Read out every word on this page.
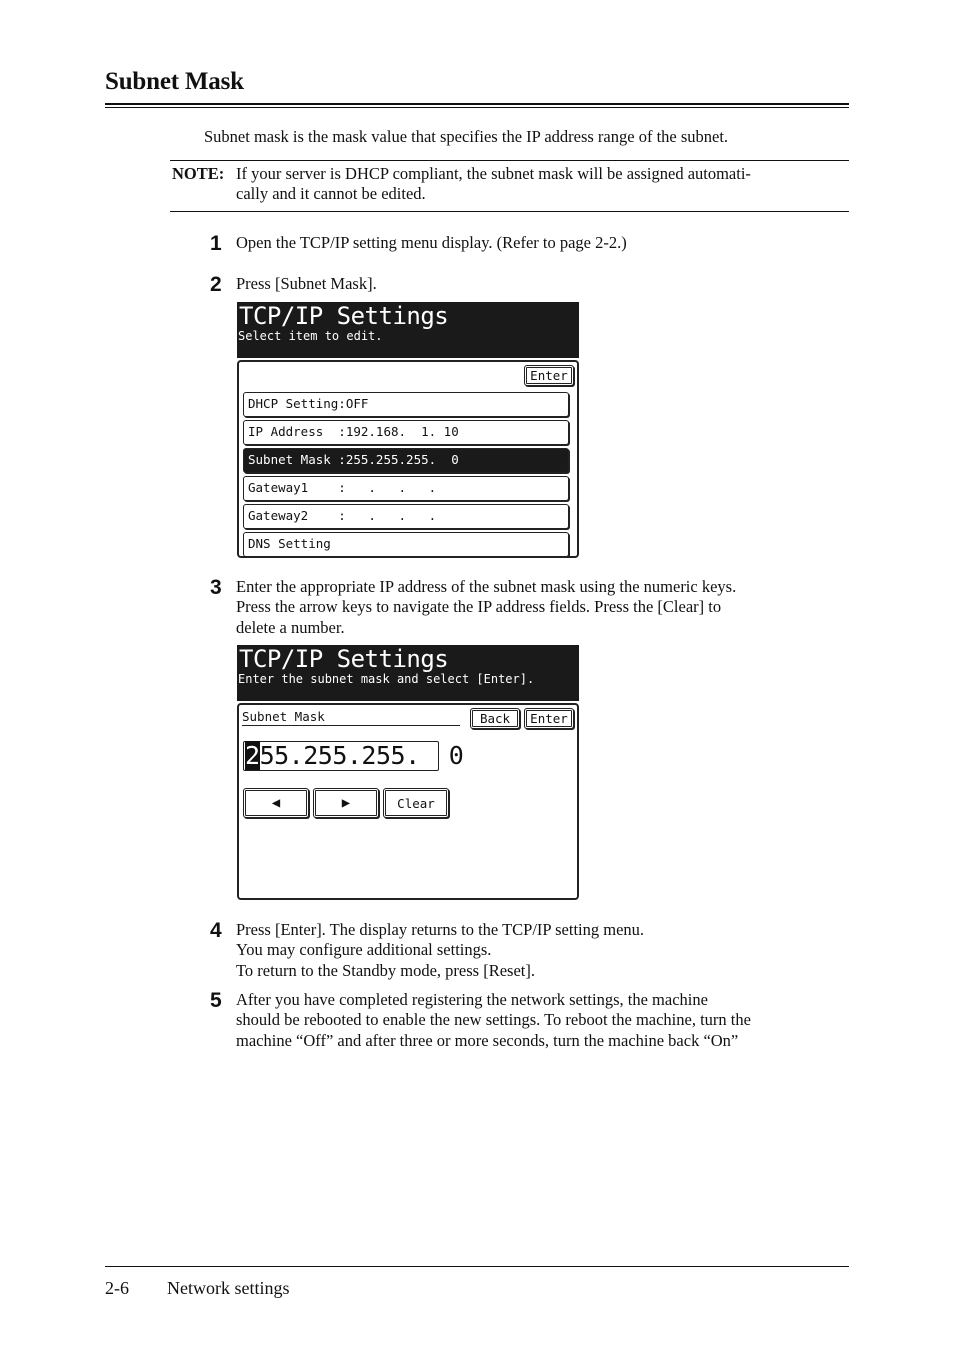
Subnet Mask
Subnet mask is the mask value that specifies the IP address range of the subnet.
NOTE: If your server is DHCP compliant, the subnet mask will be assigned automati-
cally and it cannot be edited.
1 Open the TCP/IP setting menu display. (Refer to page 2-2.)
2 Press [Subnet Mask].
TCP/IP Settings
Select item to edit.
Enter
DHCP Setting:OFF
IP Address  :192.168.  1. 10
Subnet Mask :255.255.255.  0
Gateway1    :   .   .   .
Gateway2    :   .   .   .
DNS Setting
3 Enter the appropriate IP address of the subnet mask using the numeric keys.
Press the arrow keys to navigate the IP address fields. Press the [Clear] to
delete a number.
TCP/IP Settings
Enter the subnet mask and select [Enter].
Subnet Mask	Back	Enter
255.255.255.  0
◀	▶	Clear
4 Press [Enter]. The display returns to the TCP/IP setting menu.
You may configure additional settings.
To return to the Standby mode, press [Reset].
5 After you have completed registering the network settings, the machine
should be rebooted to enable the new settings. To reboot the machine, turn the
machine “Off” and after three or more seconds, turn the machine back “On”
2-6 Network settings
